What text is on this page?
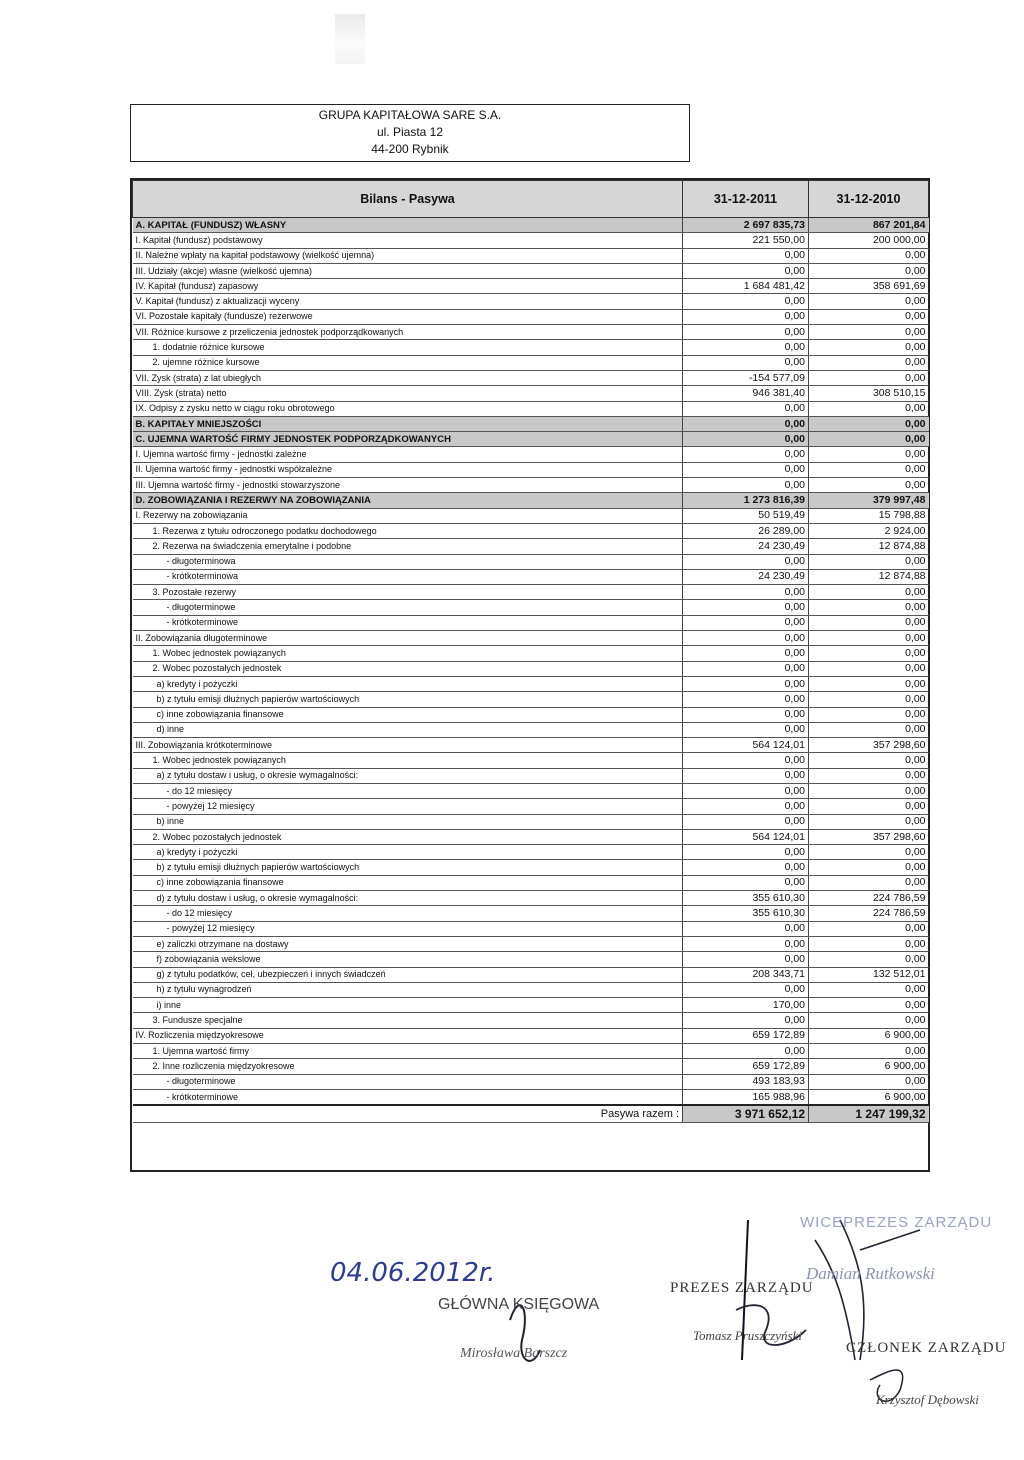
GRUPA KAPITAŁOWA SARE S.A.
ul. Piasta 12
44-200 Rybnik
Bilans - Pasywa	31-12-2011	31-12-2010
A. KAPITAŁ (FUNDUSZ) WŁASNY	2 697 835,73	867 201,84
I. Kapitał (fundusz) podstawowy	221 550,00	200 000,00
II. Należne wpłaty na kapitał podstawowy (wielkość ujemna)	0,00	0,00
III. Udziały (akcje) własne (wielkość ujemna)	0,00	0,00
IV. Kapitał (fundusz) zapasowy	1 684 481,42	358 691,69
V. Kapitał (fundusz) z aktualizacji wyceny	0,00	0,00
VI. Pozostałe kapitały (fundusze) rezerwowe	0,00	0,00
VII. Różnice kursowe z przeliczenia jednostek podporządkowanych	0,00	0,00
1. dodatnie różnice kursowe	0,00	0,00
2. ujemne różnice kursowe	0,00	0,00
VII. Zysk (strata) z lat ubiegłych	-154 577,09	0,00
VIII. Zysk (strata) netto	946 381,40	308 510,15
IX. Odpisy z zysku netto w ciągu roku obrotowego	0,00	0,00
B. KAPITAŁY MNIEJSZOŚCI	0,00	0,00
C. UJEMNA WARTOŚĆ FIRMY JEDNOSTEK PODPORZĄDKOWANYCH	0,00	0,00
I. Ujemna wartość firmy - jednostki zależne	0,00	0,00
II. Ujemna wartość firmy - jednostki współzależne	0,00	0,00
III. Ujemna wartość firmy - jednostki stowarzyszone	0,00	0,00
D. ZOBOWIĄZANIA I REZERWY NA ZOBOWIĄZANIA	1 273 816,39	379 997,48
I. Rezerwy na zobowiązania	50 519,49	15 798,88
1. Rezerwa z tytułu odroczonego podatku dochodowego	26 289,00	2 924,00
2. Rezerwa na świadczenia emerytalne i podobne	24 230,49	12 874,88
- długoterminowa	0,00	0,00
- krótkoterminowa	24 230,49	12 874,88
3. Pozostałe rezerwy	0,00	0,00
- długoterminowe	0,00	0,00
- krótkoterminowe	0,00	0,00
II. Zobowiązania długoterminowe	0,00	0,00
1. Wobec jednostek powiązanych	0,00	0,00
2. Wobec pozostałych jednostek	0,00	0,00
a) kredyty i pożyczki	0,00	0,00
b) z tytułu emisji dłużnych papierów wartościowych	0,00	0,00
c) inne zobowiązania finansowe	0,00	0,00
d) inne	0,00	0,00
III. Zobowiązania krótkoterminowe	564 124,01	357 298,60
1. Wobec jednostek powiązanych	0,00	0,00
a) z tytułu dostaw i usług, o okresie wymagalności:	0,00	0,00
- do 12 miesięcy	0,00	0,00
- powyżej 12 miesięcy	0,00	0,00
b) inne	0,00	0,00
2. Wobec pozostałych jednostek	564 124,01	357 298,60
a) kredyty i pożyczki	0,00	0,00
b) z tytułu emisji dłużnych papierów wartościowych	0,00	0,00
c) inne zobowiązania finansowe	0,00	0,00
d) z tytułu dostaw i usług, o okresie wymagalności:	355 610,30	224 786,59
- do 12 miesięcy	355 610,30	224 786,59
- powyżej 12 miesięcy	0,00	0,00
e) zaliczki otrzymane na dostawy	0,00	0,00
f) zobowiązania wekslowe	0,00	0,00
g) z tytułu podatków, ceł, ubezpieczeń i innych świadczeń	208 343,71	132 512,01
h) z tytułu wynagrodzeń	0,00	0,00
i) inne	170,00	0,00
3. Fundusze specjalne	0,00	0,00
IV. Rozliczenia międzyokresowe	659 172,89	6 900,00
1. Ujemna wartość firmy	0,00	0,00
2. Inne rozliczenia międzyokresowe	659 172,89	6 900,00
- długoterminowe	493 183,93	0,00
- krótkoterminowe	165 988,96	6 900,00
Pasywa razem :	3 971 652,12	1 247 199,32
04.06.2012r.
GŁÓWNA KSIĘGOWA
Mirosława Barszcz
PREZES ZARZĄDU
Tomasz Pruszczyński
WICEPREZES ZARZĄDU
Damian Rutkowski
CZŁONEK ZARZĄDU
Krzysztof Dębowski
